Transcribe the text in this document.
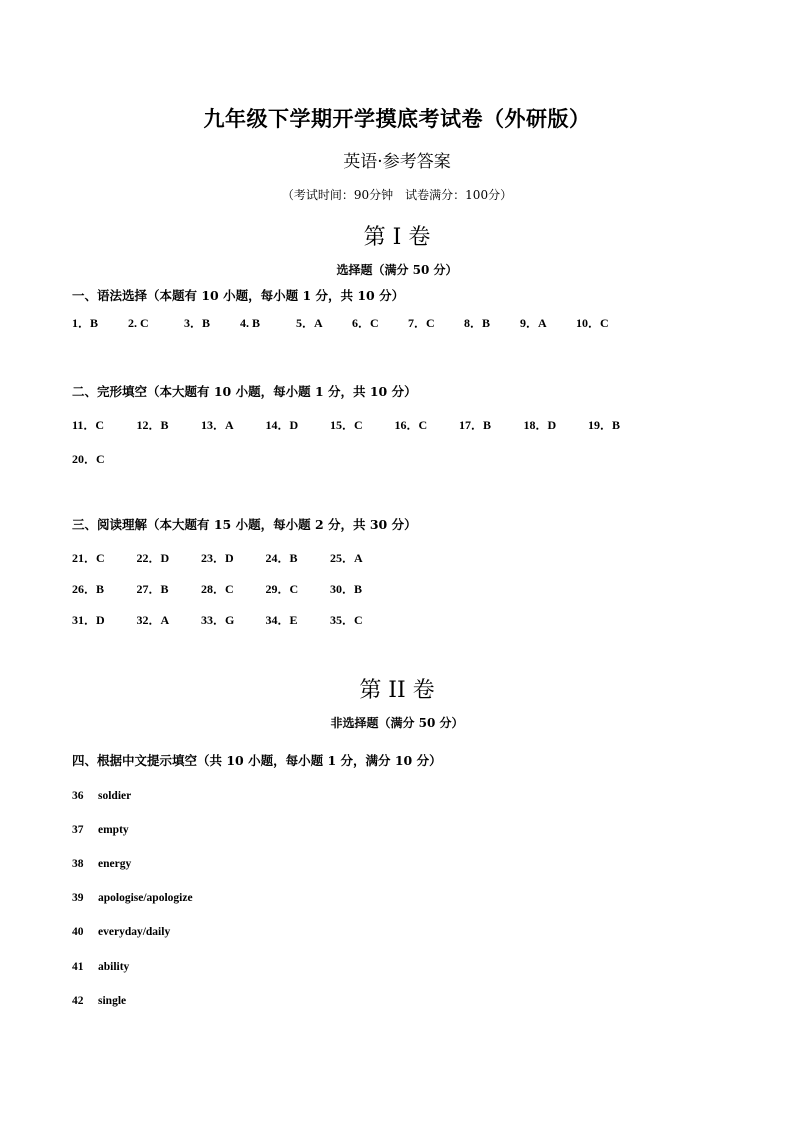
九年级下学期开学摸底考试卷（外研版）
英语·参考答案
（考试时间：90分钟　试卷满分：100分）
第 I 卷
选择题（满分 50 分）
一、语法选择（本题有 10 小题，每小题 1 分，共 10 分）
1．B 2. C	3．B 4. B	5．A 6．C 7．C 8．B 9．A 10．C
二、完形填空（本大题有 10 小题，每小题 1 分，共 10 分）
11．C	12．B	13．A	14．D	15．C	16．C	17．B	18．D	19．B
20．C
三、阅读理解（本大题有 15 小题，每小题 2 分，共 30 分）
21．C	22．D	23．D	24．B	25．A
26．B	27．B	28．C	29．C	30．B
31．D	32．A	33．G	34．E	35．C
第 II 卷
非选择题（满分 50 分）
四、根据中文提示填空（共 10 小题，每小题 1 分，满分 10 分）
36 soldier
37 empty
38 energy
39 apologise/apologize
40 everyday/daily
41 ability
42 single
